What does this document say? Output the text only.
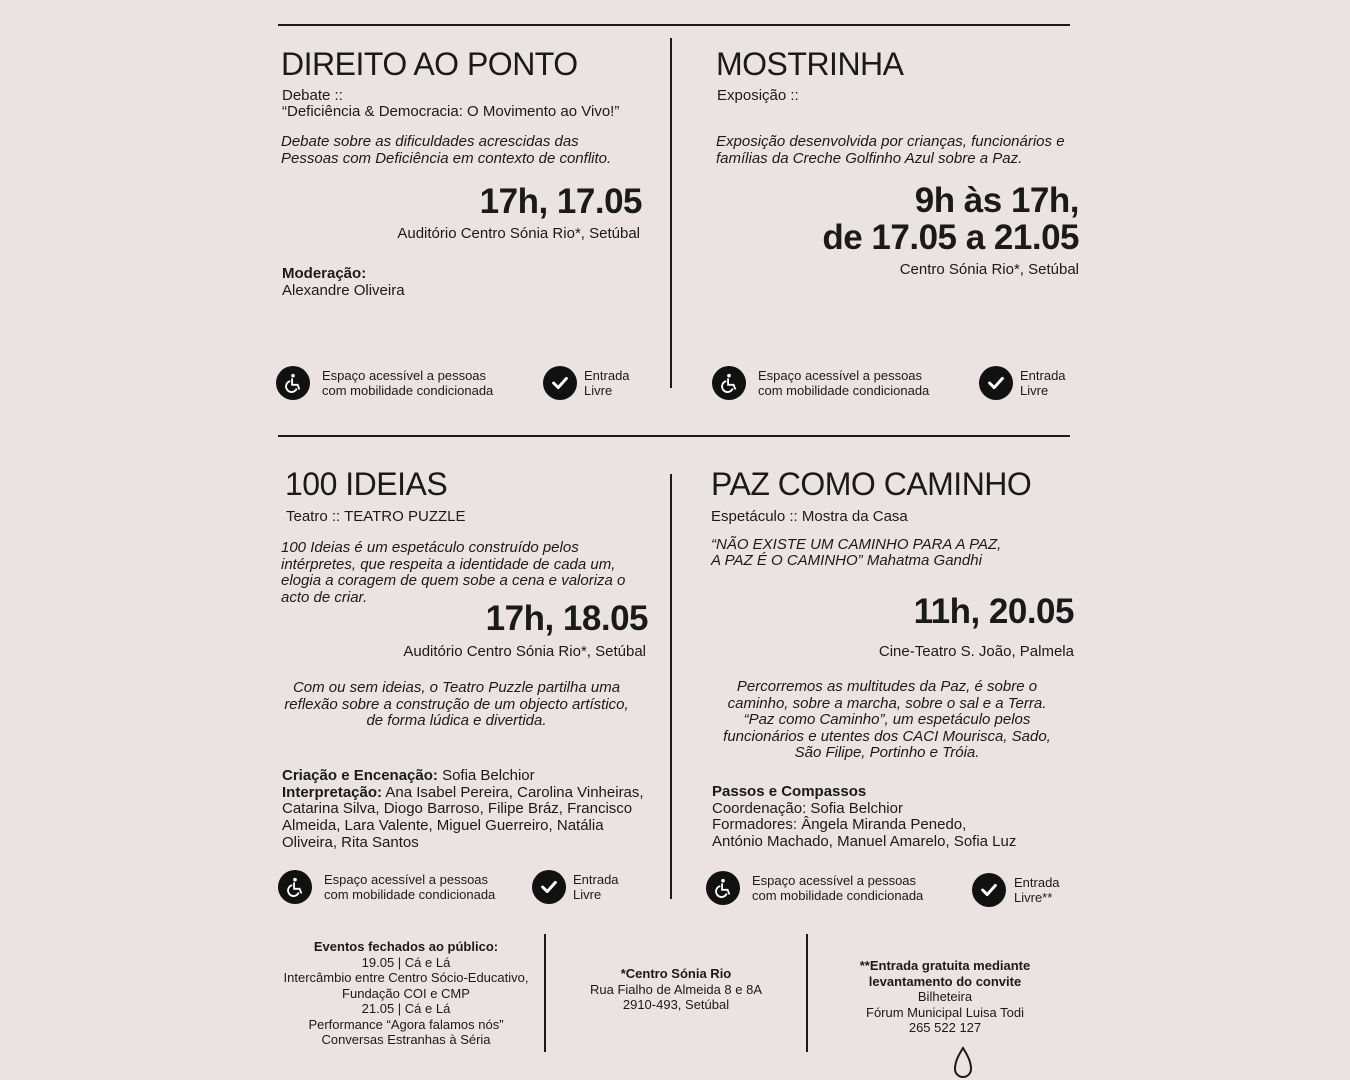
DIREITO AO PONTO
Debate ::
“Deficiência & Democracia: O Movimento ao Vivo!”
Debate sobre as dificuldades acrescidas das Pessoas com Deficiência em contexto de conflito.
17h, 17.05
Auditório Centro Sónia Rio*, Setúbal
Moderação:
Alexandre Oliveira
Espaço acessível a pessoas
com mobilidade condicionada
Entrada
Livre
MOSTRINHA
Exposição ::
Exposição desenvolvida por crianças, funcionários e famílias da Creche Golfinho Azul sobre a Paz.
9h às 17h,
de 17.05 a 21.05
Centro Sónia Rio*, Setúbal
Espaço acessível a pessoas
com mobilidade condicionada
Entrada
Livre
100 IDEIAS
Teatro :: TEATRO PUZZLE
100 Ideias é um espetáculo construído pelos intérpretes, que respeita a identidade de cada um, elogia a coragem de quem sobe a cena e valoriza o acto de criar.
17h, 18.05
Auditório Centro Sónia Rio*, Setúbal
Com ou sem ideias, o Teatro Puzzle partilha uma reflexão sobre a construção de um objecto artístico, de forma lúdica e divertida.
Criação e Encenação: Sofia Belchior
Interpretação: Ana Isabel Pereira, Carolina Vinheiras, Catarina Silva, Diogo Barroso, Filipe Bráz, Francisco Almeida, Lara Valente, Miguel Guerreiro, Natália Oliveira, Rita Santos
Espaço acessível a pessoas
com mobilidade condicionada
Entrada
Livre
PAZ COMO CAMINHO
Espetáculo :: Mostra da Casa
“NÃO EXISTE UM CAMINHO PARA A PAZ,
A PAZ É O CAMINHO” Mahatma Gandhi
11h, 20.05
Cine-Teatro S. João, Palmela
Percorremos as multitudes da Paz, é sobre o caminho, sobre a marcha, sobre o sal e a Terra. “Paz como Caminho”, um espetáculo pelos funcionários e utentes dos CACI Mourisca, Sado, São Filipe, Portinho e Tróia.
Passos e Compassos
Coordenação: Sofia Belchior
Formadores: Ângela Miranda Penedo,
António Machado, Manuel Amarelo, Sofia Luz
Espaço acessível a pessoas
com mobilidade condicionada
Entrada
Livre**
Eventos fechados ao público:
19.05 | Cá e Lá
Intercâmbio entre Centro Sócio-Educativo,
Fundação COI e CMP
21.05 | Cá e Lá
Performance “Agora falamos nós”
Conversas Estranhas à Séria
*Centro Sónia Rio
Rua Fialho de Almeida 8 e 8A
2910-493, Setúbal
**Entrada gratuita mediante
levantamento do convite
Bilheteira
Fórum Municipal Luisa Todi
265 522 127
